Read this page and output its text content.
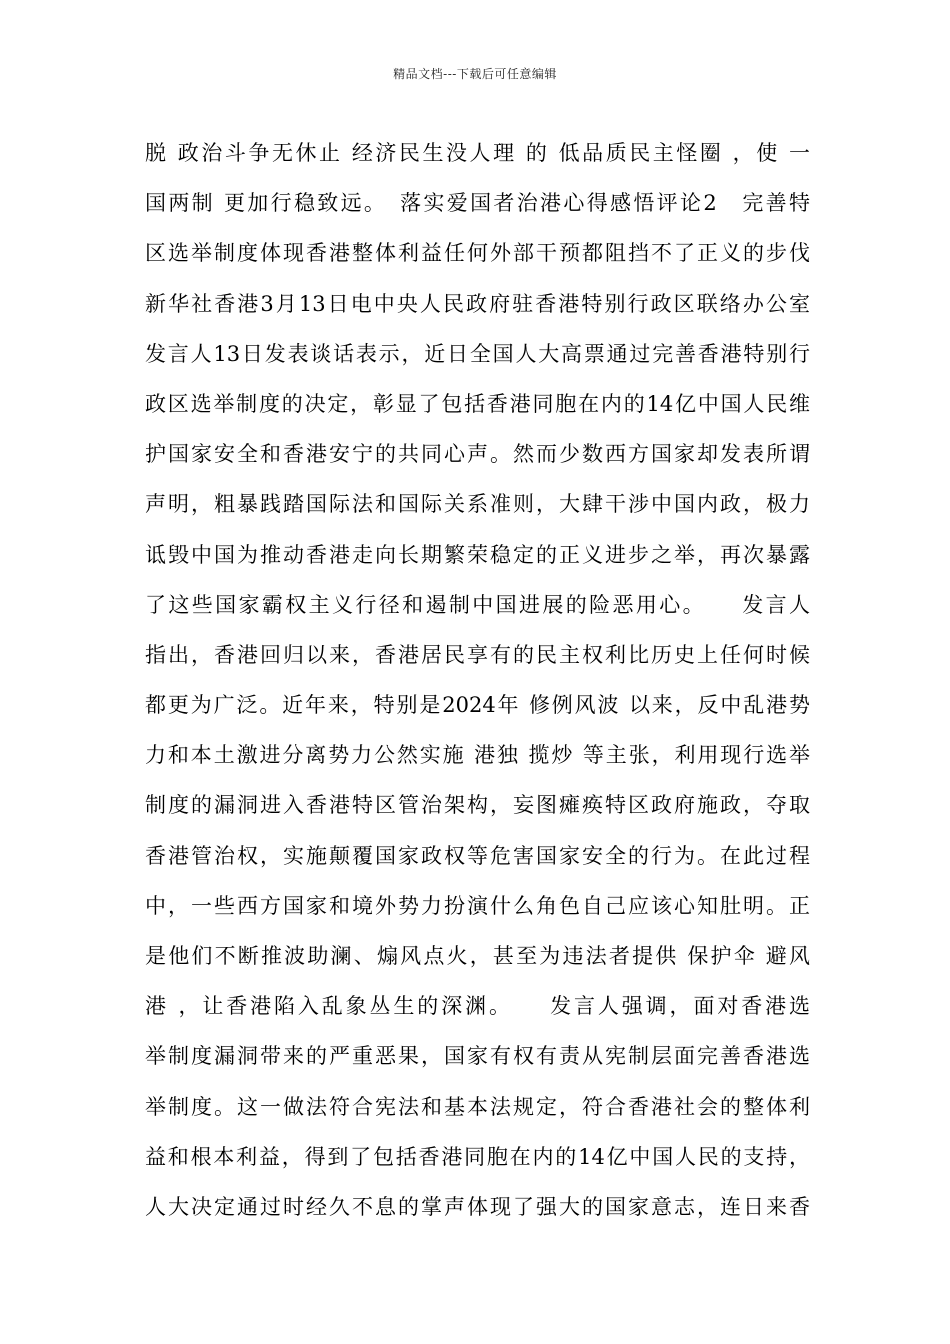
精品文档---下载后可任意编辑
脱 政治斗争无休止 经济民生没人理 的 低品质民主怪圈 ，使 一
国两制 更加行稳致远。　落实爱国者治港心得感悟评论2　完善特
区选举制度体现香港整体利益任何外部干预都阻挡不了正义的步伐
新华社香港3月13日电中央人民政府驻香港特别行政区联络办公室
发言人13日发表谈话表示，近日全国人大高票通过完善香港特别行
政区选举制度的决定，彰显了包括香港同胞在内的14亿中国人民维
护国家安全和香港安宁的共同心声。然而少数西方国家却发表所谓
声明，粗暴践踏国际法和国际关系准则，大肆干涉中国内政，极力
诋毁中国为推动香港走向长期繁荣稳定的正义进步之举，再次暴露
了这些国家霸权主义行径和遏制中国进展的险恶用心。　　发言人
指出，香港回归以来，香港居民享有的民主权利比历史上任何时候
都更为广泛。近年来，特别是2024年 修例风波 以来，反中乱港势
力和本土激进分离势力公然实施 港独 揽炒 等主张，利用现行选举
制度的漏洞进入香港特区管治架构，妄图瘫痪特区政府施政，夺取
香港管治权，实施颠覆国家政权等危害国家安全的行为。在此过程
中，一些西方国家和境外势力扮演什么角色自己应该心知肚明。正
是他们不断推波助澜、煽风点火，甚至为违法者提供 保护伞 避风
港 ，让香港陷入乱象丛生的深渊。　　发言人强调，面对香港选
举制度漏洞带来的严重恶果，国家有权有责从宪制层面完善香港选
举制度。这一做法符合宪法和基本法规定，符合香港社会的整体利
益和根本利益，得到了包括香港同胞在内的14亿中国人民的支持，
人大决定通过时经久不息的掌声体现了强大的国家意志，连日来香
